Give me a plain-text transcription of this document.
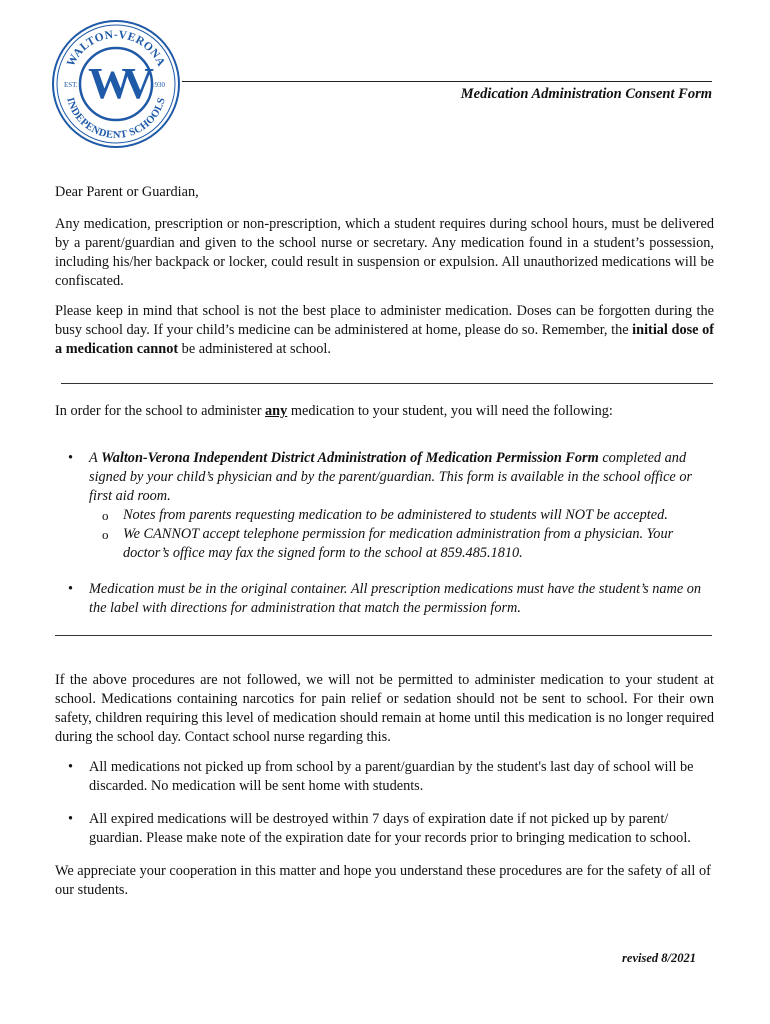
WALTON-VERONA
INDEPENDENT SCHOOLS
EST.	1930
WV	Medication Administration Consent Form

Dear Parent or Guardian,

Any medication, prescription or non-prescription, which a student requires during school hours, must be delivered by a parent/guardian and given to the school nurse or secretary. Any medication found in a student’s possession, including his/her backpack or locker, could result in suspension or expulsion. All unauthorized medications will be confiscated.

Please keep in mind that school is not the best place to administer medication. Doses can be forgotten during the busy school day. If your child’s medicine can be administered at home, please do so. Remember, the initial dose of a medication cannot be administered at school.

In order for the school to administer any medication to your student, you will need the following:

• A Walton-Verona Independent District Administration of Medication Permission Form completed and signed by your child’s physician and by the parent/guardian. This form is available in the school office or first aid room.
o Notes from parents requesting medication to be administered to students will NOT be accepted.
o We CANNOT accept telephone permission for medication administration from a physician. Your doctor’s office may fax the signed form to the school at 859.485.1810.
• Medication must be in the original container. All prescription medications must have the student’s name on the label with directions for administration that match the permission form.

If the above procedures are not followed, we will not be permitted to administer medication to your student at school. Medications containing narcotics for pain relief or sedation should not be sent to school. For their own safety, children requiring this level of medication should remain at home until this medication is no longer required during the school day. Contact school nurse regarding this.

• All medications not picked up from school by a parent/guardian by the student's last day of school will be discarded. No medication will be sent home with students.
• All expired medications will be destroyed within 7 days of expiration date if not picked up by parent/ guardian. Please make note of the expiration date for your records prior to bringing medication to school.

We appreciate your cooperation in this matter and hope you understand these procedures are for the safety of all of our students.

revised 8/2021
